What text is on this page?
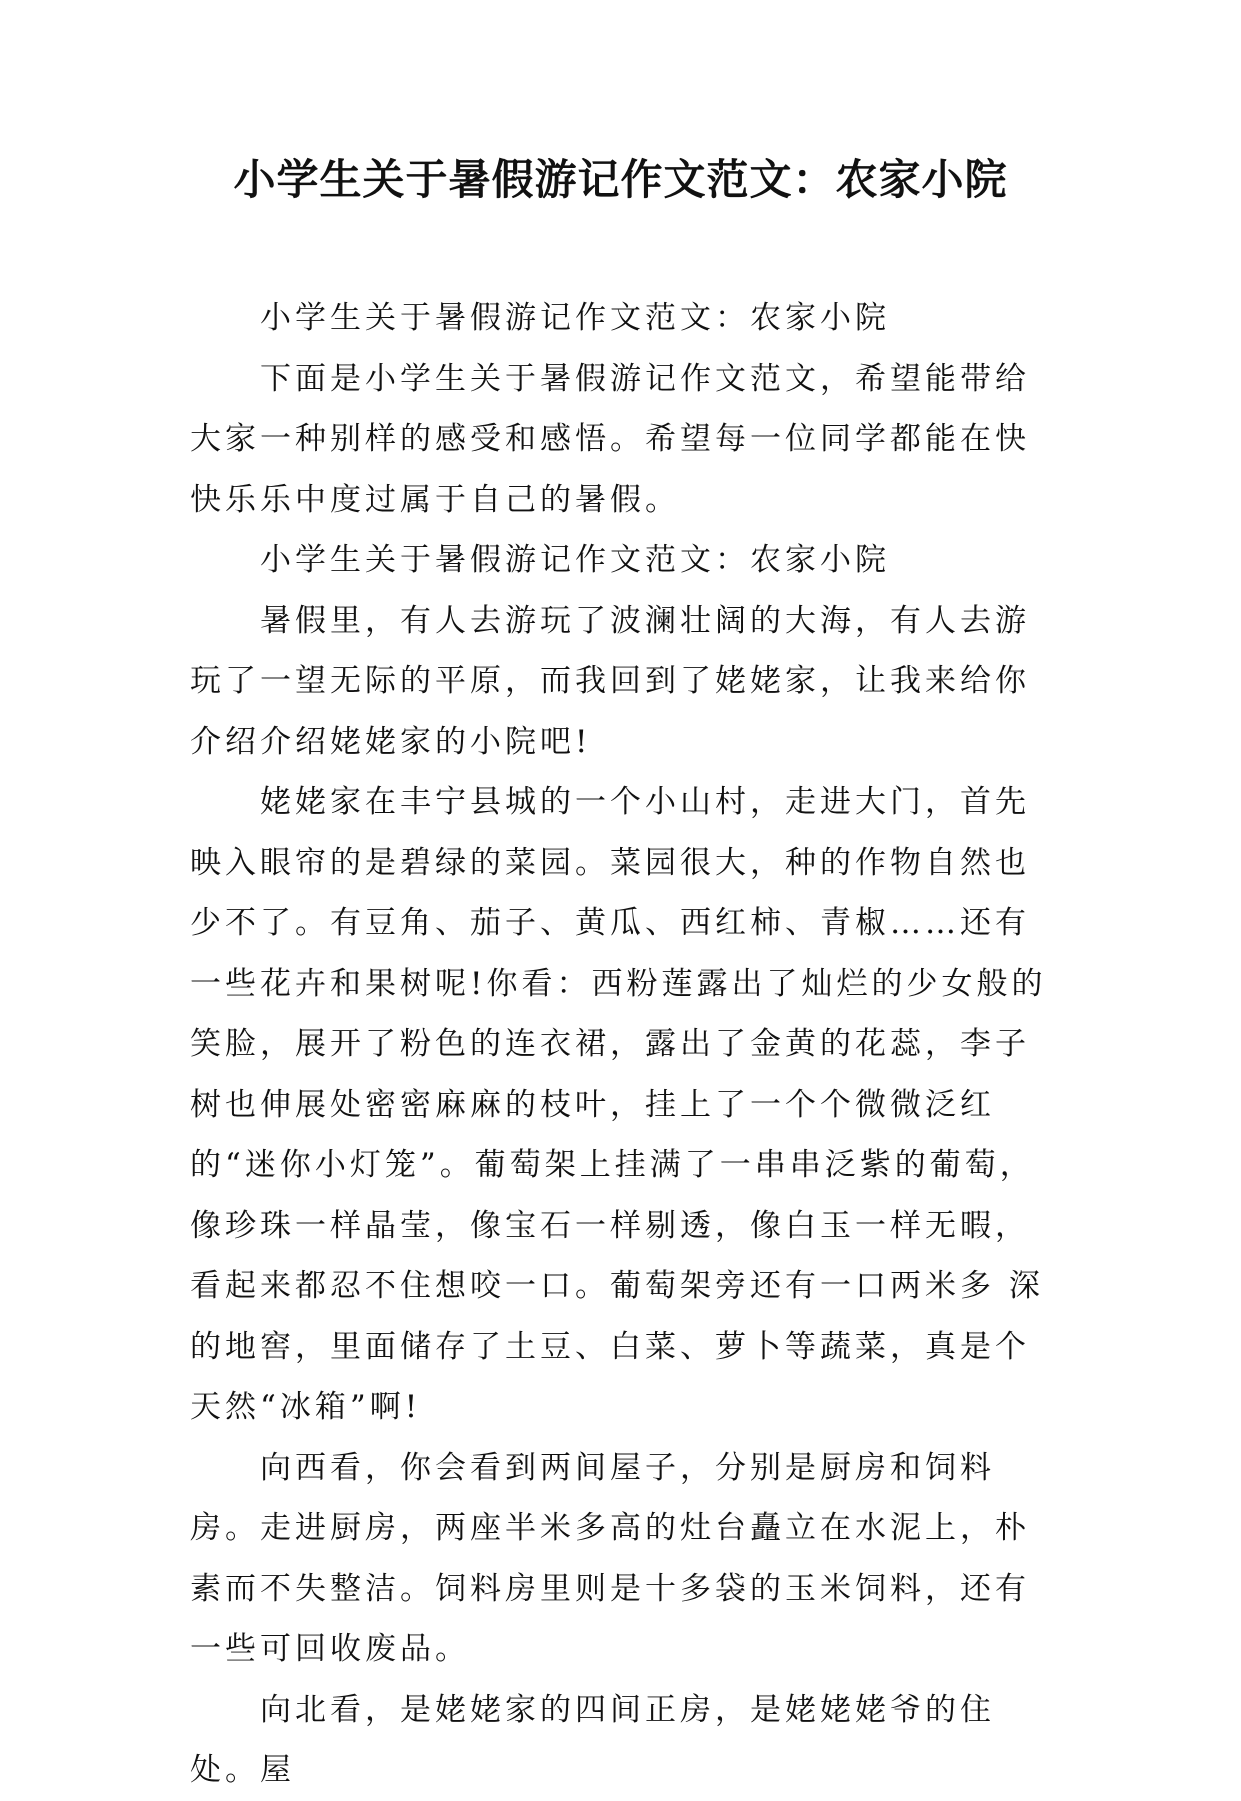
小学生关于暑假游记作文范文：农家小院

小学生关于暑假游记作文范文：农家小院

下面是小学生关于暑假游记作文范文，希望能带给大家一种别样的感受和感悟。希望每一位同学都能在快快乐乐中度过属于自己的暑假。

小学生关于暑假游记作文范文：农家小院

暑假里，有人去游玩了波澜壮阔的大海，有人去游玩了一望无际的平原，而我回到了姥姥家，让我来给你介绍介绍姥姥家的小院吧!

姥姥家在丰宁县城的一个小山村，走进大门，首先映入眼帘的是碧绿的菜园。菜园很大，种的作物自然也少不了。有豆角、茄子、黄瓜、西红柿、青椒……还有 一些花卉和果树呢!你看：西粉莲露出了灿烂的少女般的笑脸，展开了粉色的连衣裙，露出了金黄的花蕊，李子树也伸展处密密麻麻的枝叶，挂上了一个个微微泛红 的“迷你小灯笼”。葡萄架上挂满了一串串泛紫的葡萄，像珍珠一样晶莹，像宝石一样剔透，像白玉一样无暇，看起来都忍不住想咬一口。葡萄架旁还有一口两米多 深的地窖，里面储存了土豆、白菜、萝卜等蔬菜，真是个天然“冰箱”啊!

向西看，你会看到两间屋子，分别是厨房和饲料房。走进厨房，两座半米多高的灶台矗立在水泥上，朴素而不失整洁。饲料房里则是十多袋的玉米饲料，还有一些可回收废品。

向北看，是姥姥家的四间正房，是姥姥姥爷的住处。屋
